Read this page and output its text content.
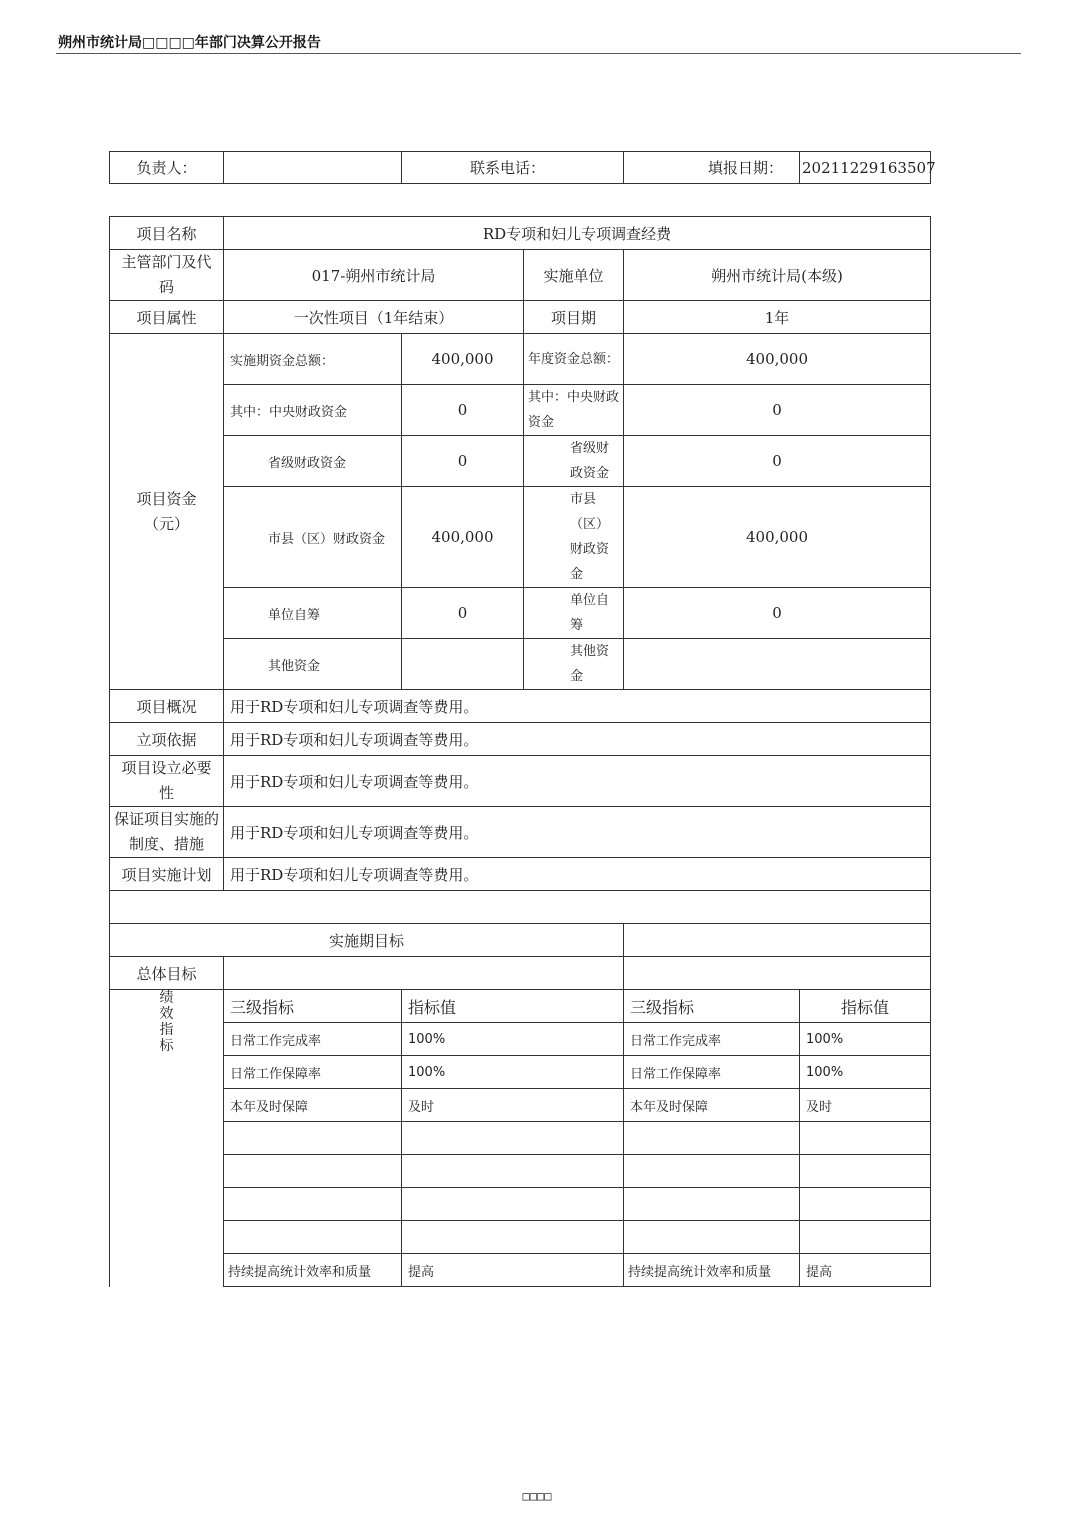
朔州市统计局□□□□年部门决算公开报告
负责人：		联系电话：	填报日期：	20211229163507
项目名称	RD专项和妇儿专项调查经费				
主管部门及代码	017-朔州市统计局		实施单位	朔州市统计局(本级)	
项目属性	一次性项目（1年结束）		项目期	1年	
项目资金（元）	实施期资金总额：	400,000	年度资金总额：	400,000	
	其中：中央财政资金	0	其中：中央财政资金	0	
	省级财政资金	0	省级财政资金	0	
	市县（区）财政资金	400,000	市县（区）财政资金	400,000	
	单位自筹	0	单位自筹	0	
	其他资金		其他资金		
项目概况	用于RD专项和妇儿专项调查等费用。				
立项依据	用于RD专项和妇儿专项调查等费用。				
项目设立必要性	用于RD专项和妇儿专项调查等费用。				
保证项目实施的制度、措施	用于RD专项和妇儿专项调查等费用。				
项目实施计划	用于RD专项和妇儿专项调查等费用。				

实施期目标					
总体目标					

绩效指标	三级指标	指标值		三级指标	指标值
	日常工作完成率	100%		日常工作完成率	100%
	日常工作保障率	100%		日常工作保障率	100%
	本年及时保障	及时		本年及时保障	及时

	持续提高统计效率和质量	提高		持续提高统计效率和质量	提高
□□□□
